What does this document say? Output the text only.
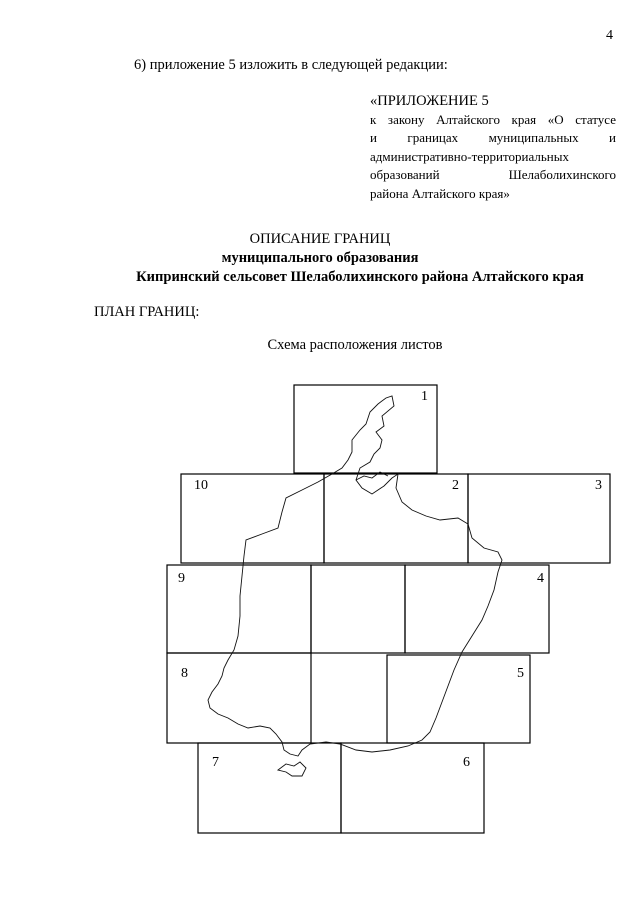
4
6) приложение 5 изложить в следующей редакции:
«ПРИЛОЖЕНИЕ 5
к закону Алтайского края «О статусе
и границах муниципальных и
административно-территориальных
образований Шелаболихинского
района Алтайского края»
ОПИСАНИЕ ГРАНИЦ
муниципального образования
Кипринский сельсовет Шелаболихинского района Алтайского края
ПЛАН ГРАНИЦ:
Схема расположения листов
1
2	3
4
5
6
7
8
9
10
